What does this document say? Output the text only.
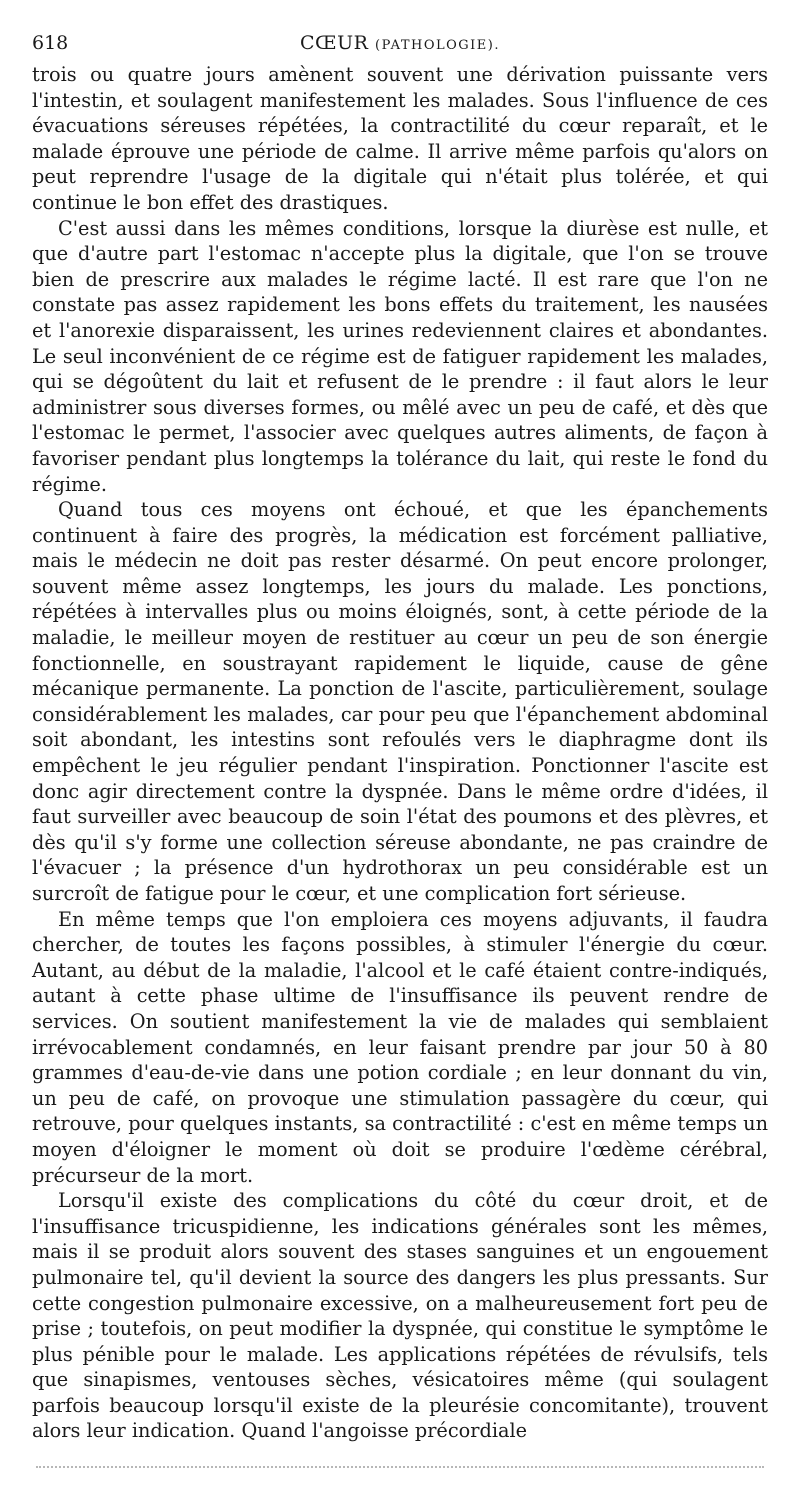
618	CŒUR (PATHOLOGIE).

trois ou quatre jours amènent souvent une dérivation puissante vers l'intestin, et soulagent manifestement les malades. Sous l'influence de ces évacuations séreuses répétées, la contractilité du cœur reparaît, et le malade éprouve une période de calme. Il arrive même parfois qu'alors on peut reprendre l'usage de la digitale qui n'était plus tolérée, et qui continue le bon effet des drastiques.

C'est aussi dans les mêmes conditions, lorsque la diurèse est nulle, et que d'autre part l'estomac n'accepte plus la digitale, que l'on se trouve bien de prescrire aux malades le régime lacté. Il est rare que l'on ne constate pas assez rapidement les bons effets du traitement, les nausées et l'anorexie disparaissent, les urines redeviennent claires et abondantes. Le seul inconvénient de ce régime est de fatiguer rapidement les malades, qui se dégoûtent du lait et refusent de le prendre : il faut alors le leur administrer sous diverses formes, ou mêlé avec un peu de café, et dès que l'estomac le permet, l'associer avec quelques autres aliments, de façon à favoriser pendant plus longtemps la tolérance du lait, qui reste le fond du régime.

Quand tous ces moyens ont échoué, et que les épanchements continuent à faire des progrès, la médication est forcément palliative, mais le médecin ne doit pas rester désarmé. On peut encore prolonger, souvent même assez longtemps, les jours du malade. Les ponctions, répétées à intervalles plus ou moins éloignés, sont, à cette période de la maladie, le meilleur moyen de restituer au cœur un peu de son énergie fonctionnelle, en soustrayant rapidement le liquide, cause de gêne mécanique permanente. La ponction de l'ascite, particulièrement, soulage considérablement les malades, car pour peu que l'épanchement abdominal soit abondant, les intestins sont refoulés vers le diaphragme dont ils empêchent le jeu régulier pendant l'inspiration. Ponctionner l'ascite est donc agir directement contre la dyspnée. Dans le même ordre d'idées, il faut surveiller avec beaucoup de soin l'état des poumons et des plèvres, et dès qu'il s'y forme une collection séreuse abondante, ne pas craindre de l'évacuer ; la présence d'un hydrothorax un peu considérable est un surcroît de fatigue pour le cœur, et une complication fort sérieuse.

En même temps que l'on emploiera ces moyens adjuvants, il faudra chercher, de toutes les façons possibles, à stimuler l'énergie du cœur. Autant, au début de la maladie, l'alcool et le café étaient contre-indiqués, autant à cette phase ultime de l'insuffisance ils peuvent rendre de services. On soutient manifestement la vie de malades qui semblaient irrévocablement condamnés, en leur faisant prendre par jour 50 à 80 grammes d'eau-de-vie dans une potion cordiale ; en leur donnant du vin, un peu de café, on provoque une stimulation passagère du cœur, qui retrouve, pour quelques instants, sa contractilité : c'est en même temps un moyen d'éloigner le moment où doit se produire l'œdème cérébral, précurseur de la mort.

Lorsqu'il existe des complications du côté du cœur droit, et de l'insuffisance tricuspidienne, les indications générales sont les mêmes, mais il se produit alors souvent des stases sanguines et un engouement pulmonaire tel, qu'il devient la source des dangers les plus pressants. Sur cette congestion pulmonaire excessive, on a malheureusement fort peu de prise ; toutefois, on peut modifier la dyspnée, qui constitue le symptôme le plus pénible pour le malade. Les applications répétées de révulsifs, tels que sinapismes, ventouses sèches, vésicatoires même (qui soulagent parfois beaucoup lorsqu'il existe de la pleurésie concomitante), trouvent alors leur indication. Quand l'angoisse précordiale
